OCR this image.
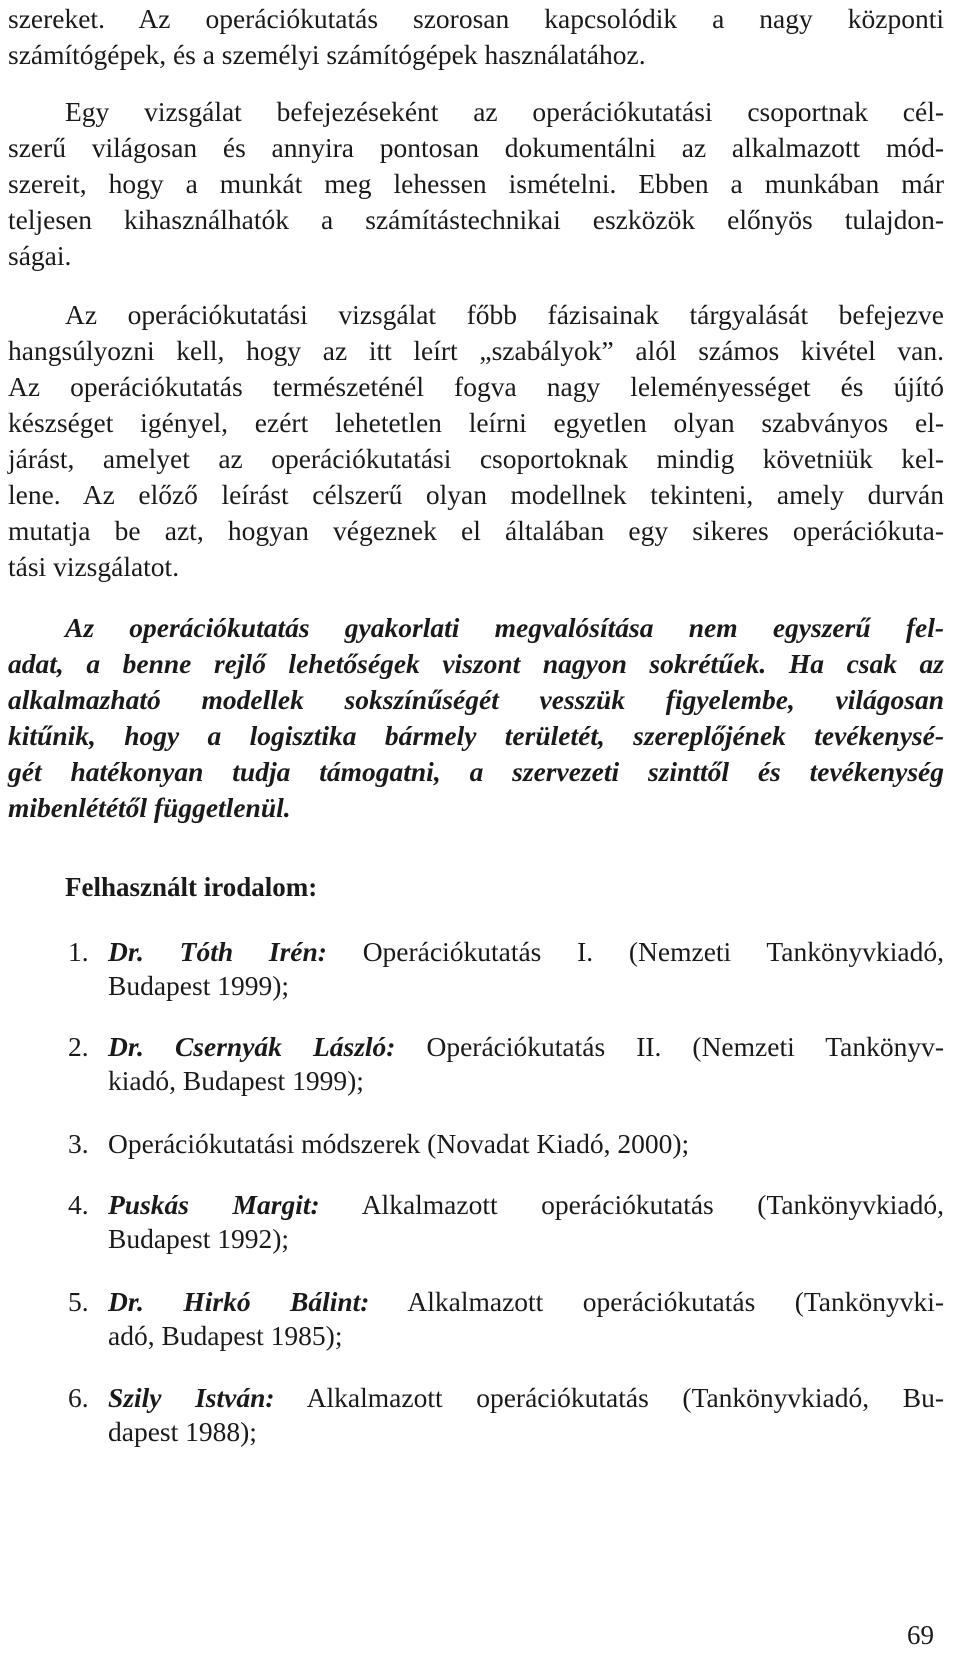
szereket. Az operációkutatás szorosan kapcsolódik a nagy központi
számítógépek, és a személyi számítógépek használatához.
Egy vizsgálat befejezéseként az operációkutatási csoportnak cél-
szerű világosan és annyira pontosan dokumentálni az alkalmazott mód-
szereit, hogy a munkát meg lehessen ismételni. Ebben a munkában már
teljesen kihasználhatók a számítástechnikai eszközök előnyös tulajdon-
ságai.
Az operációkutatási vizsgálat főbb fázisainak tárgyalását befejezve
hangsúlyozni kell, hogy az itt leírt „szabályok” alól számos kivétel van.
Az operációkutatás természeténél fogva nagy leleményességet és újító
készséget igényel, ezért lehetetlen leírni egyetlen olyan szabványos el-
járást, amelyet az operációkutatási csoportoknak mindig követniük kel-
lene. Az előző leírást célszerű olyan modellnek tekinteni, amely durván
mutatja be azt, hogyan végeznek el általában egy sikeres operációkuta-
tási vizsgálatot.
Az operációkutatás gyakorlati megvalósítása nem egyszerű fel-
adat, a benne rejlő lehetőségek viszont nagyon sokrétűek. Ha csak az
alkalmazható modellek sokszínűségét vesszük figyelembe, világosan
kitűnik, hogy a logisztika bármely területét, szereplőjének tevékenysé-
gét hatékonyan tudja támogatni, a szervezeti szinttől és tevékenység
mibenlététől függetlenül.
Felhasznált irodalom:
1. Dr. Tóth Irén: Operációkutatás I. (Nemzeti Tankönyvkiadó,
Budapest 1999);
2. Dr. Csernyák László: Operációkutatás II. (Nemzeti Tankönyv-
kiadó, Budapest 1999);
3. Operációkutatási módszerek (Novadat Kiadó, 2000);
4. Puskás Margit: Alkalmazott operációkutatás (Tankönyvkiadó,
Budapest 1992);
5. Dr. Hirkó Bálint: Alkalmazott operációkutatás (Tankönyvki-
adó, Budapest 1985);
6. Szily István: Alkalmazott operációkutatás (Tankönyvkiadó, Bu-
dapest 1988);
69
